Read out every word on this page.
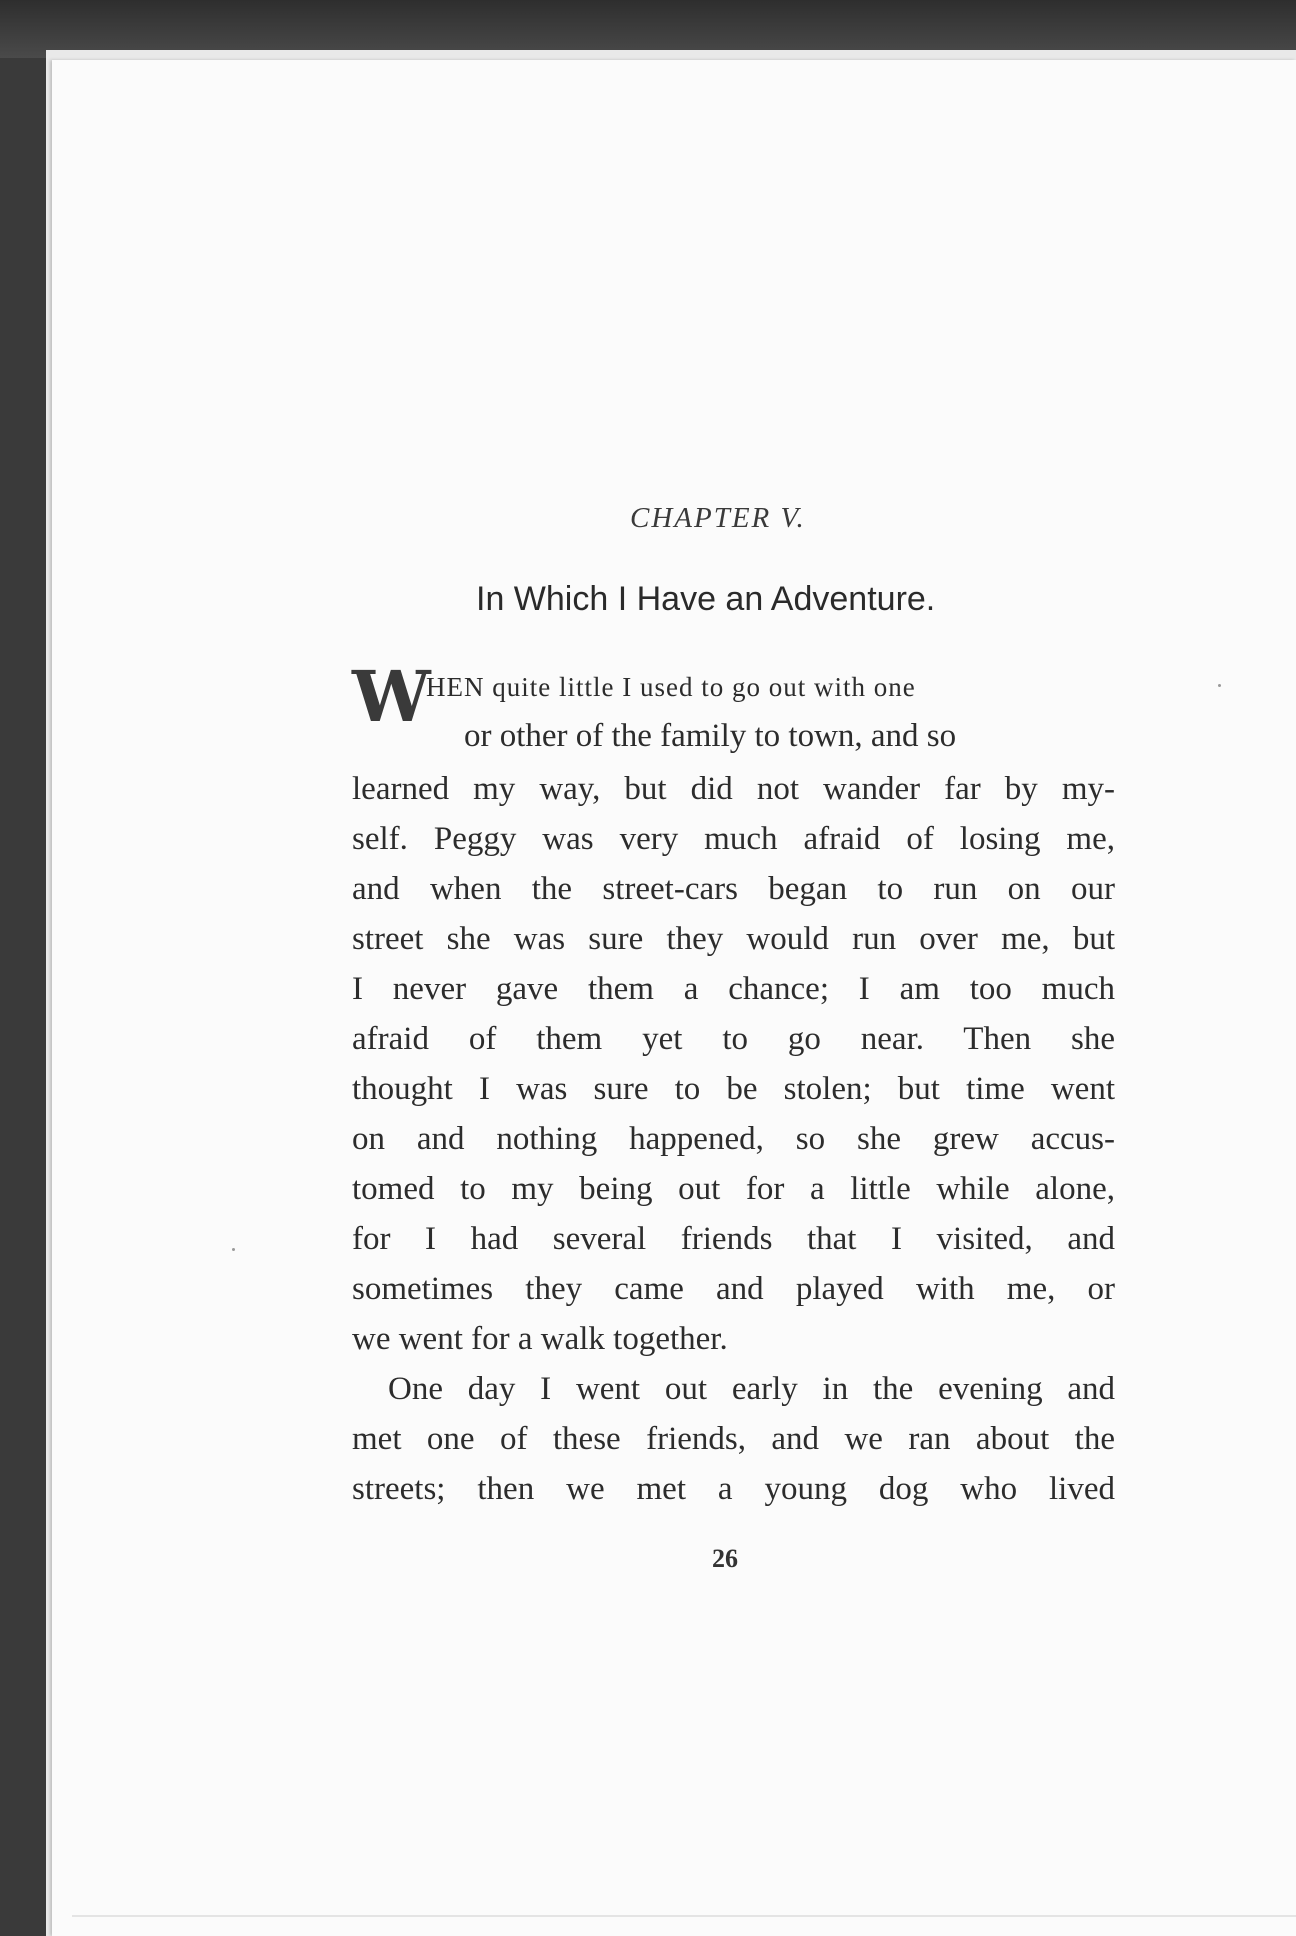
CHAPTER V.
In Which I Have an Adventure.
W
HEN quite little I used to go out with one
or other of the family to town, and so
learned my way, but did not wander far by my-
self. Peggy was very much afraid of losing me,
and when the street-cars began to run on our
street she was sure they would run over me, but
I never gave them a chance; I am too much
afraid of them yet to go near. Then she
thought I was sure to be stolen; but time went
on and nothing happened, so she grew accus-
tomed to my being out for a little while alone,
for I had several friends that I visited, and
sometimes they came and played with me, or
we went for a walk together.
One day I went out early in the evening and
met one of these friends, and we ran about the
streets; then we met a young dog who lived
26
